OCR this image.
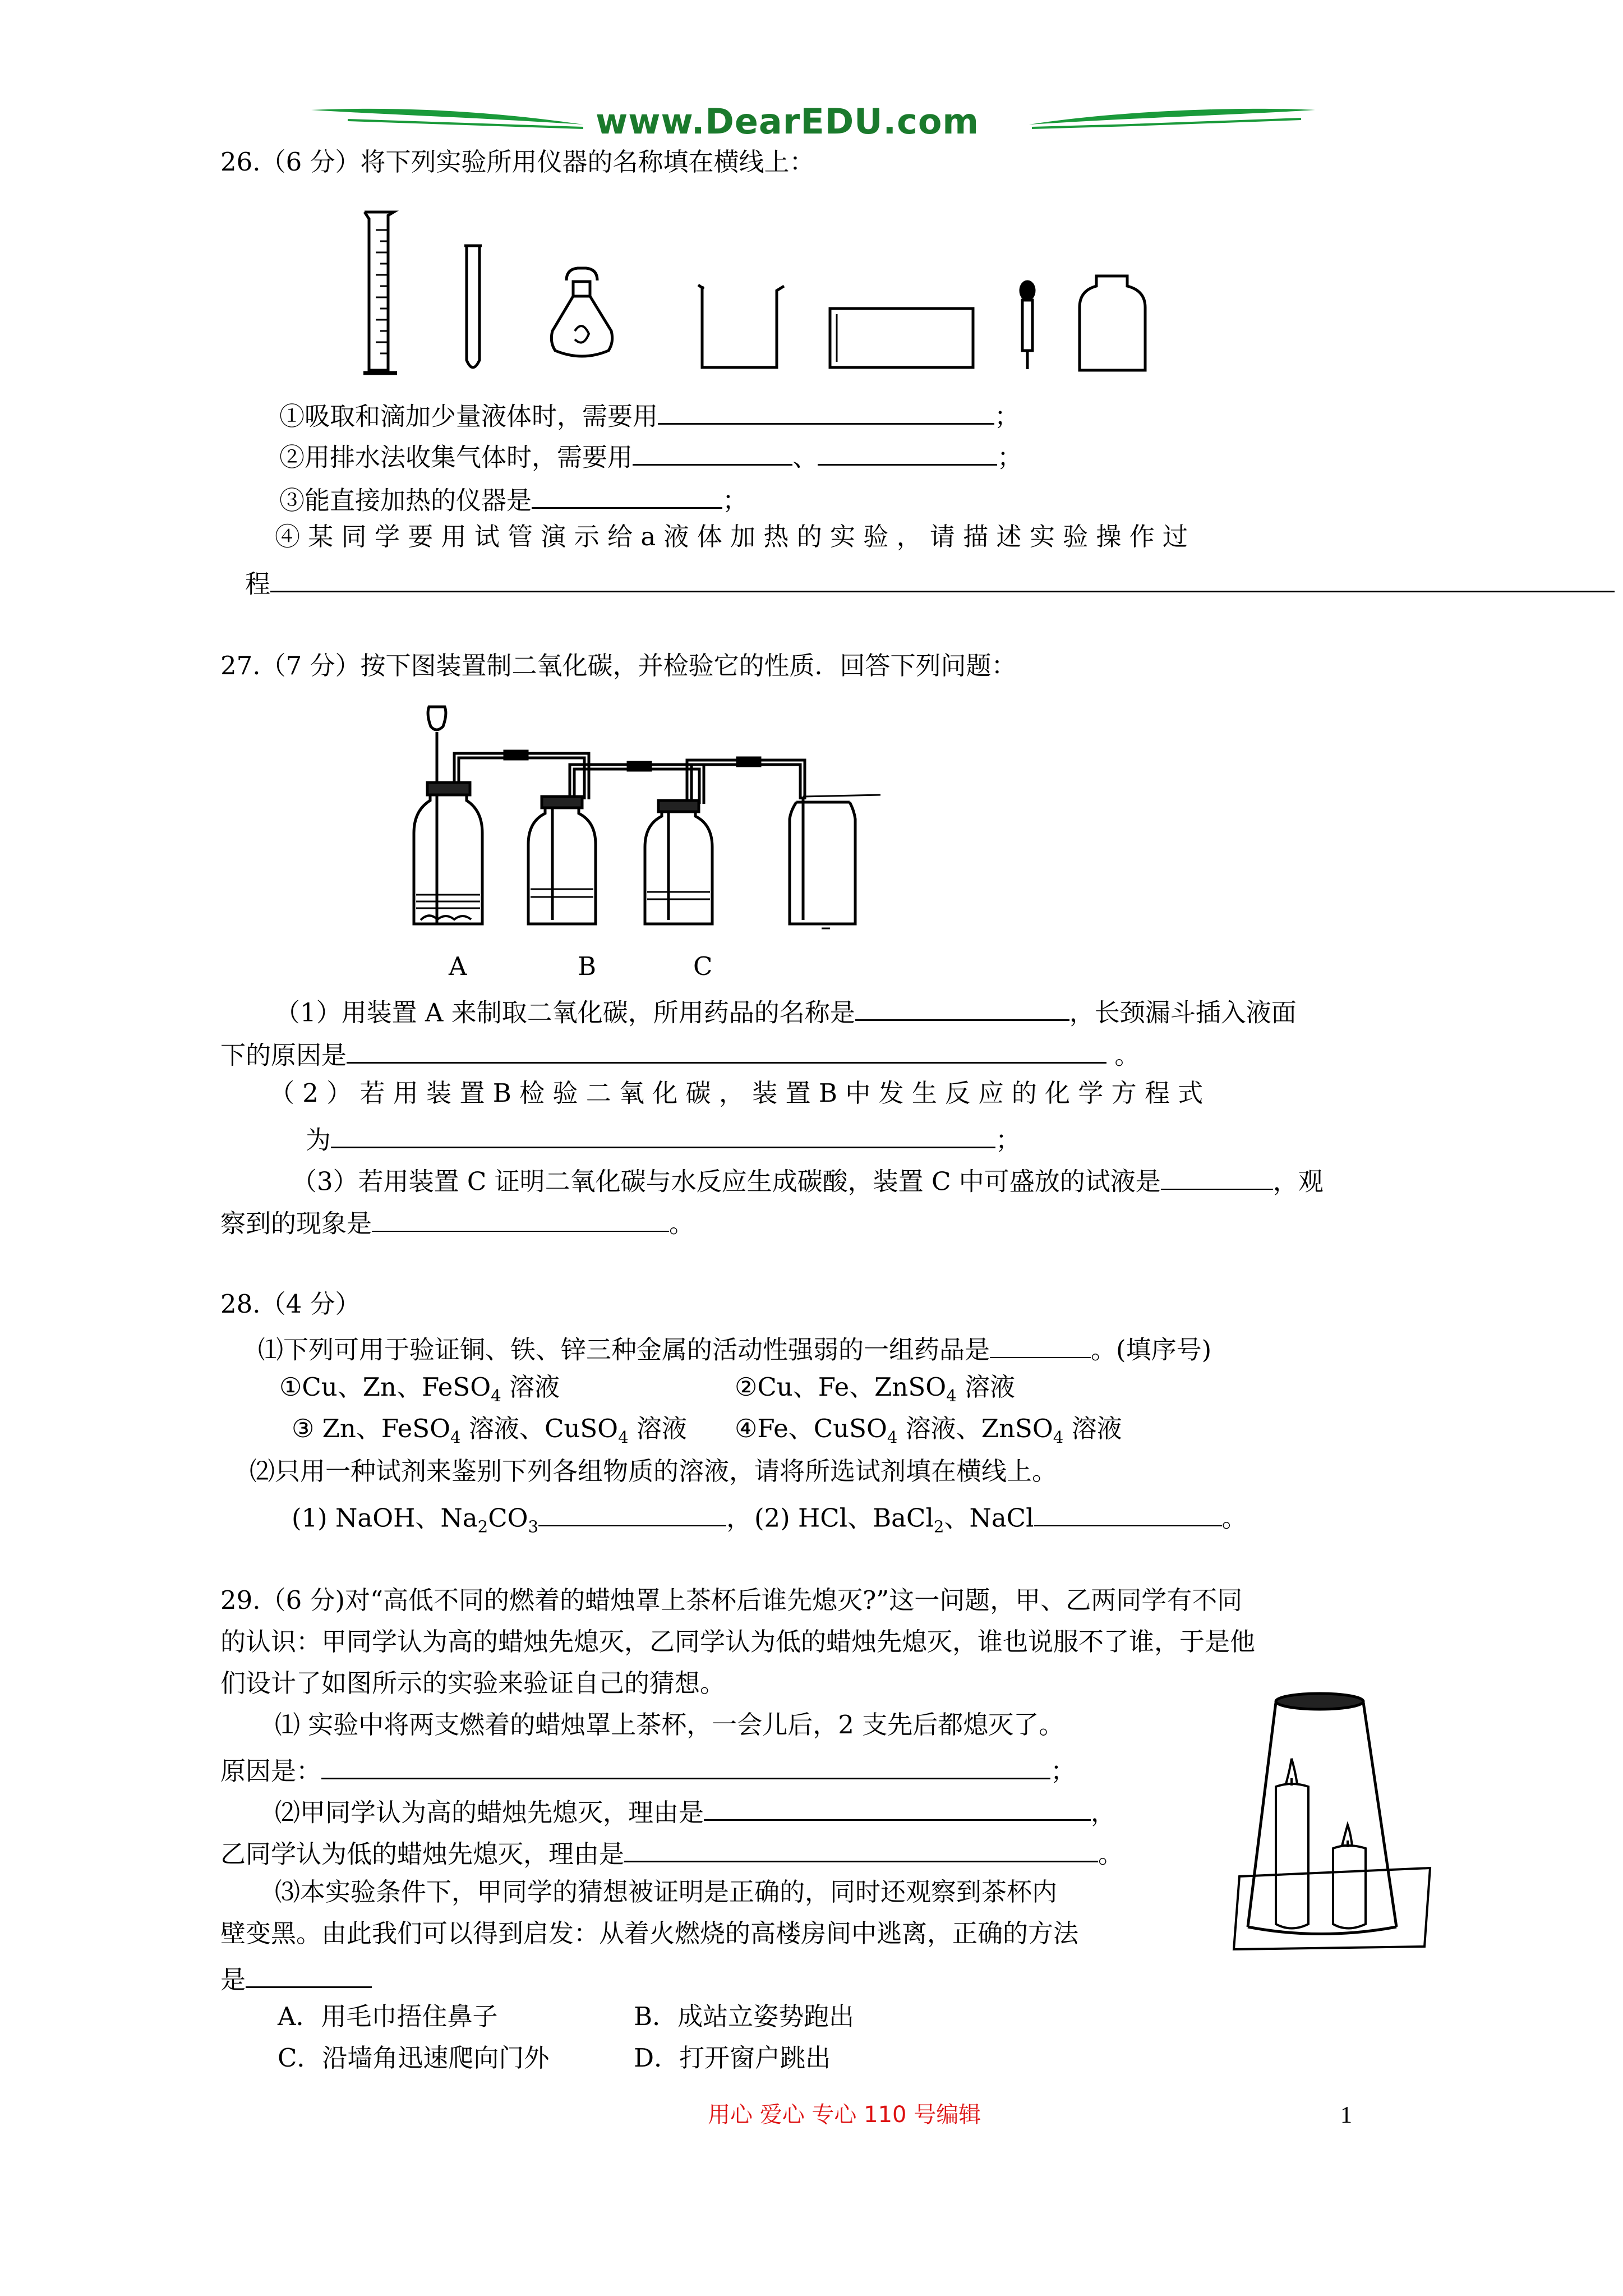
www.DearEDU.com
26.（6 分）将下列实验所用仪器的名称填在横线上：
①吸取和滴加少量液体时，需要用	；
②用排水法收集气体时，需要用	、	；
③能直接加热的仪器是	；
④ 某 同 学 要 用 试 管 演 示 给 a 液 体 加 热 的 实 验 ， 请 描 述 实 验 操 作 过
程
27.（7 分）按下图装置制二氧化碳，并检验它的性质．回答下列问题：
A	B	C
（1）用装置 A 来制取二氧化碳，所用药品的名称是	，长颈漏斗插入液面
下的原因是	。
（ 2 ） 若 用 装 置 B 检 验 二 氧 化 碳 ， 装 置 B 中 发 生 反 应 的 化 学 方 程 式
为	；
（3）若用装置 C 证明二氧化碳与水反应生成碳酸，装置 C 中可盛放的试液是	，观
察到的现象是	。
28.（4 分）
⑴下列可用于验证铜、铁、锌三种金属的活动性强弱的一组药品是	。(填序号)
①Cu、Zn、FeSO$_4$ 溶液	②Cu、Fe、ZnSO$_4$ 溶液
③ Zn、FeSO$_4$ 溶液、CuSO$_4$ 溶液 ④Fe、CuSO$_4$ 溶液、ZnSO$_4$ 溶液
⑵只用一种试剂来鉴别下列各组物质的溶液，请将所选试剂填在横线上。
(1) NaOH、$Na_2CO_3$	， (2) HCl、BaCl$_2$、NaCl	。
29.（6 分)对“高低不同的燃着的蜡烛罩上茶杯后谁先熄灭?”这一问题，甲、乙两同学有不同
的认识：甲同学认为高的蜡烛先熄灭，乙同学认为低的蜡烛先熄灭，谁也说服不了谁，于是他
们设计了如图所示的实验来验证自己的猜想。
⑴ 实验中将两支燃着的蜡烛罩上茶杯，一会儿后，2 支先后都熄灭了。
原因是：	；
⑵甲同学认为高的蜡烛先熄灭，理由是	，
乙同学认为低的蜡烛先熄灭，理由是	。
⑶本实验条件下，甲同学的猜想被证明是正确的，同时还观察到茶杯内
壁变黑。由此我们可以得到启发：从着火燃烧的高楼房间中逃离，正确的方法
是
A．用毛巾捂住鼻子	B．成站立姿势跑出
C．沿墙角迅速爬向门外	D．打开窗户跳出
用心 爱心 专心 110 号编辑	1
